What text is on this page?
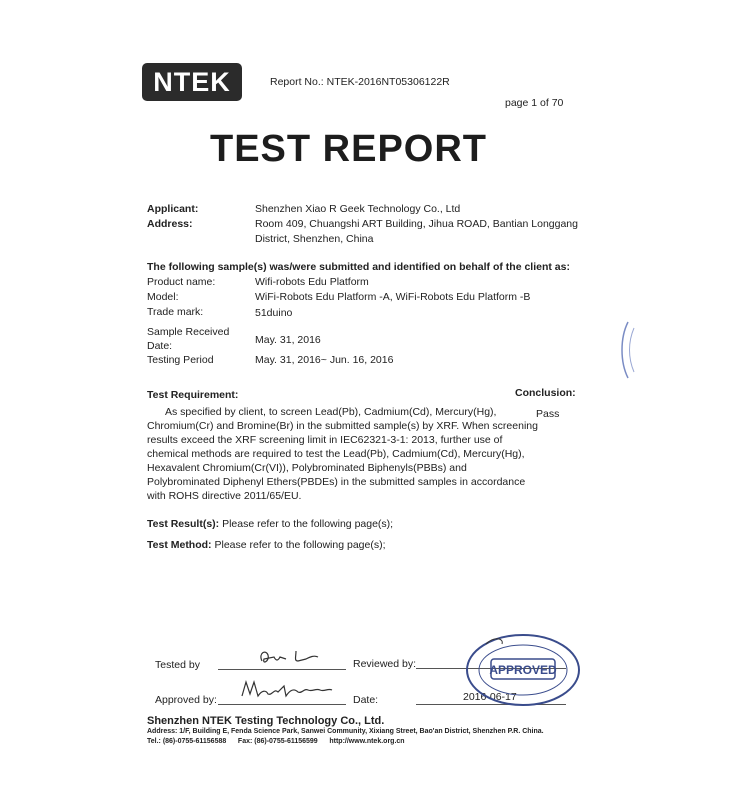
NTEK	Report No.: NTEK-2016NT05306122R
page 1 of 70
TEST REPORT
Applicant:	Shenzhen Xiao R Geek Technology Co., Ltd
Address:	Room 409, Chuangshi ART Building, Jihua ROAD, Bantian Longgang
District, Shenzhen, China
The following sample(s) was/were submitted and identified on behalf of the client as:
Product name:	Wifi-robots Edu Platform
Model:	WiFi-Robots Edu Platform -A, WiFi-Robots Edu Platform -B
Trade mark:	51duino
Sample Received
Date:	May. 31, 2016
Testing Period	May. 31, 2016~ Jun. 16, 2016
Test Requirement:	Conclusion:
Pass
As specified by client, to screen Lead(Pb), Cadmium(Cd), Mercury(Hg),
Chromium(Cr) and Bromine(Br) in the submitted sample(s) by XRF. When screening
results exceed the XRF screening limit in IEC62321-3-1: 2013, further use of
chemical methods are required to test the Lead(Pb), Cadmium(Cd), Mercury(Hg),
Hexavalent Chromium(Cr(VI)), Polybrominated Biphenyls(PBBs) and
Polybrominated Diphenyl Ethers(PBDEs) in the submitted samples in accordance
with ROHS directive 2011/65/EU.
Test Result(s): Please refer to the following page(s);
Test Method: Please refer to the following page(s);
Tested by	Reviewed by:
Approved by:	Date:	2016-06-17
APPROVED
Shenzhen NTEK Testing Technology Co., Ltd.
Address: 1/F, Building E, Fenda Science Park, Sanwei Community, Xixiang Street, Bao'an District, Shenzhen P.R. China.
Tel.: (86)-0755-61156588      Fax: (86)-0755-61156599      http://www.ntek.org.cn
